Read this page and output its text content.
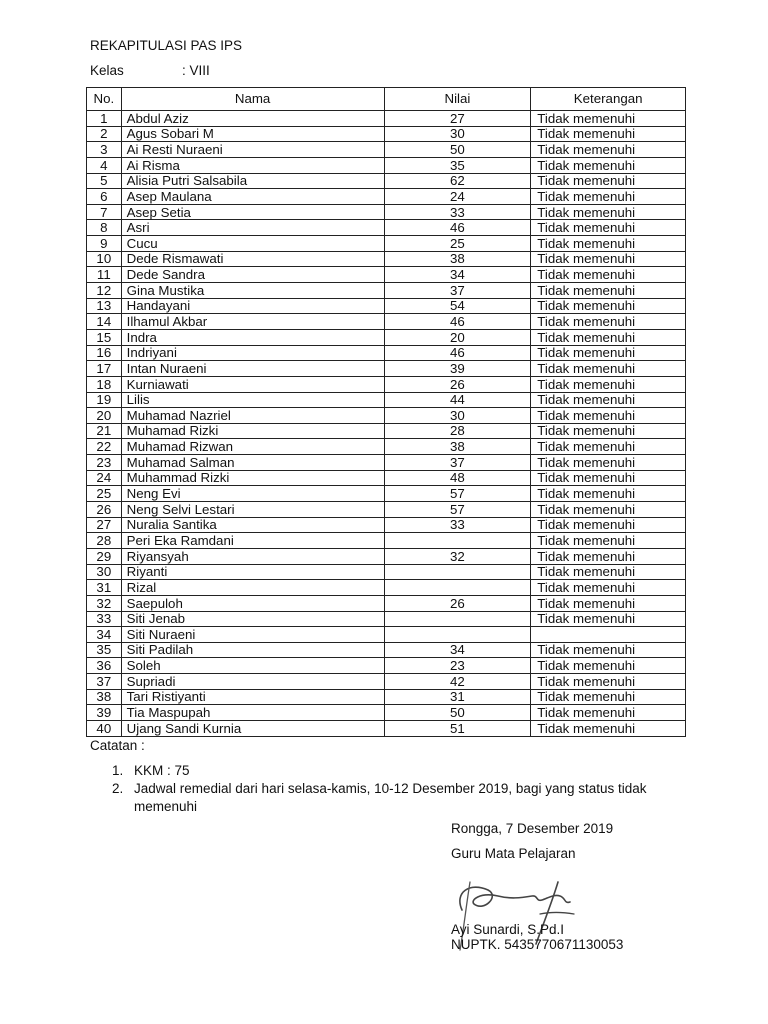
REKAPITULASI PAS IPS
Kelas	: VIII
No.	Nama	Nilai	Keterangan
1	Abdul Aziz	27	Tidak memenuhi
2	Agus Sobari M	30	Tidak memenuhi
3	Ai Resti Nuraeni	50	Tidak memenuhi
4	Ai Risma	35	Tidak memenuhi
5	Alisia Putri Salsabila	62	Tidak memenuhi
6	Asep Maulana	24	Tidak memenuhi
7	Asep Setia	33	Tidak memenuhi
8	Asri	46	Tidak memenuhi
9	Cucu	25	Tidak memenuhi
10	Dede Rismawati	38	Tidak memenuhi
11	Dede Sandra	34	Tidak memenuhi
12	Gina Mustika	37	Tidak memenuhi
13	Handayani	54	Tidak memenuhi
14	Ilhamul Akbar	46	Tidak memenuhi
15	Indra	20	Tidak memenuhi
16	Indriyani	46	Tidak memenuhi
17	Intan Nuraeni	39	Tidak memenuhi
18	Kurniawati	26	Tidak memenuhi
19	Lilis	44	Tidak memenuhi
20	Muhamad Nazriel	30	Tidak memenuhi
21	Muhamad Rizki	28	Tidak memenuhi
22	Muhamad Rizwan	38	Tidak memenuhi
23	Muhamad Salman	37	Tidak memenuhi
24	Muhammad Rizki	48	Tidak memenuhi
25	Neng Evi	57	Tidak memenuhi
26	Neng Selvi Lestari	57	Tidak memenuhi
27	Nuralia Santika	33	Tidak memenuhi
28	Peri Eka Ramdani		Tidak memenuhi
29	Riyansyah	32	Tidak memenuhi
30	Riyanti		Tidak memenuhi
31	Rizal		Tidak memenuhi
32	Saepuloh	26	Tidak memenuhi
33	Siti Jenab		Tidak memenuhi
34	Siti Nuraeni		
35	Siti Padilah	34	Tidak memenuhi
36	Soleh	23	Tidak memenuhi
37	Supriadi	42	Tidak memenuhi
38	Tari Ristiyanti	31	Tidak memenuhi
39	Tia Maspupah	50	Tidak memenuhi
40	Ujang Sandi Kurnia	51	Tidak memenuhi
Catatan :
1. KKM : 75
2. Jadwal remedial dari hari selasa-kamis, 10-12 Desember 2019, bagi yang status tidak memenuhi
Rongga, 7 Desember 2019
Guru Mata Pelajaran
Ayi Sunardi, S.Pd.I
NUPTK. 5435770671130053
